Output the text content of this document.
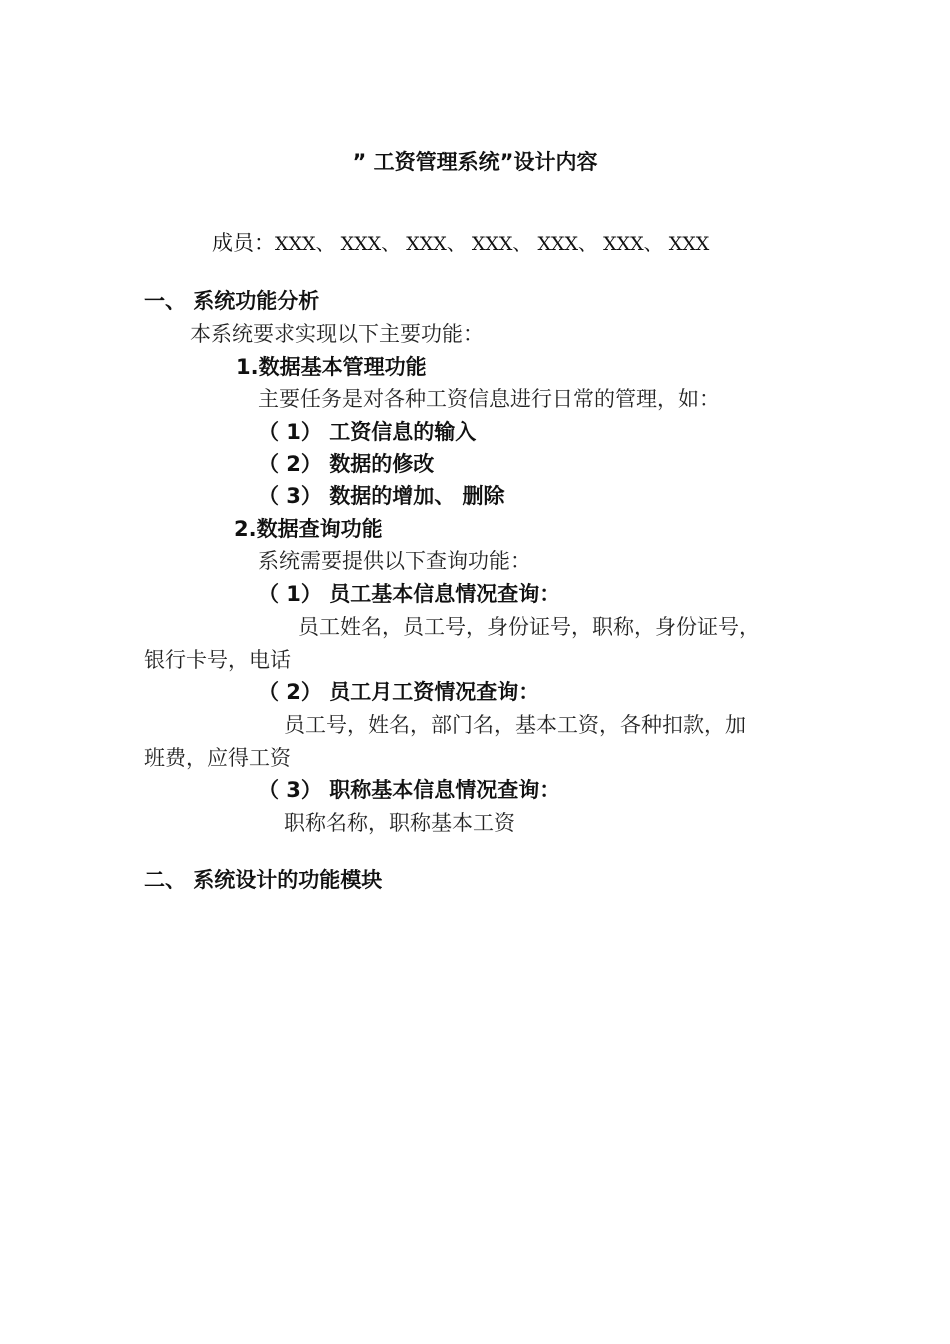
” 工资管理系统”设计内容
成员：XXX、 XXX、 XXX、 XXX、 XXX、 XXX、 XXX
一、 系统功能分析
本系统要求实现以下主要功能：
1.数据基本管理功能
主要任务是对各种工资信息进行日常的管理，如：
（ 1） 工资信息的输入
（ 2） 数据的修改
（ 3） 数据的增加、 删除
2.数据查询功能
系统需要提供以下查询功能：
（ 1） 员工基本信息情况查询：
员工姓名，员工号，身份证号，职称，身份证号，
银行卡号，电话
（ 2） 员工月工资情况查询：
员工号，姓名，部门名，基本工资，各种扣款，加
班费，应得工资
（ 3） 职称基本信息情况查询：
职称名称，职称基本工资
二、 系统设计的功能模块
